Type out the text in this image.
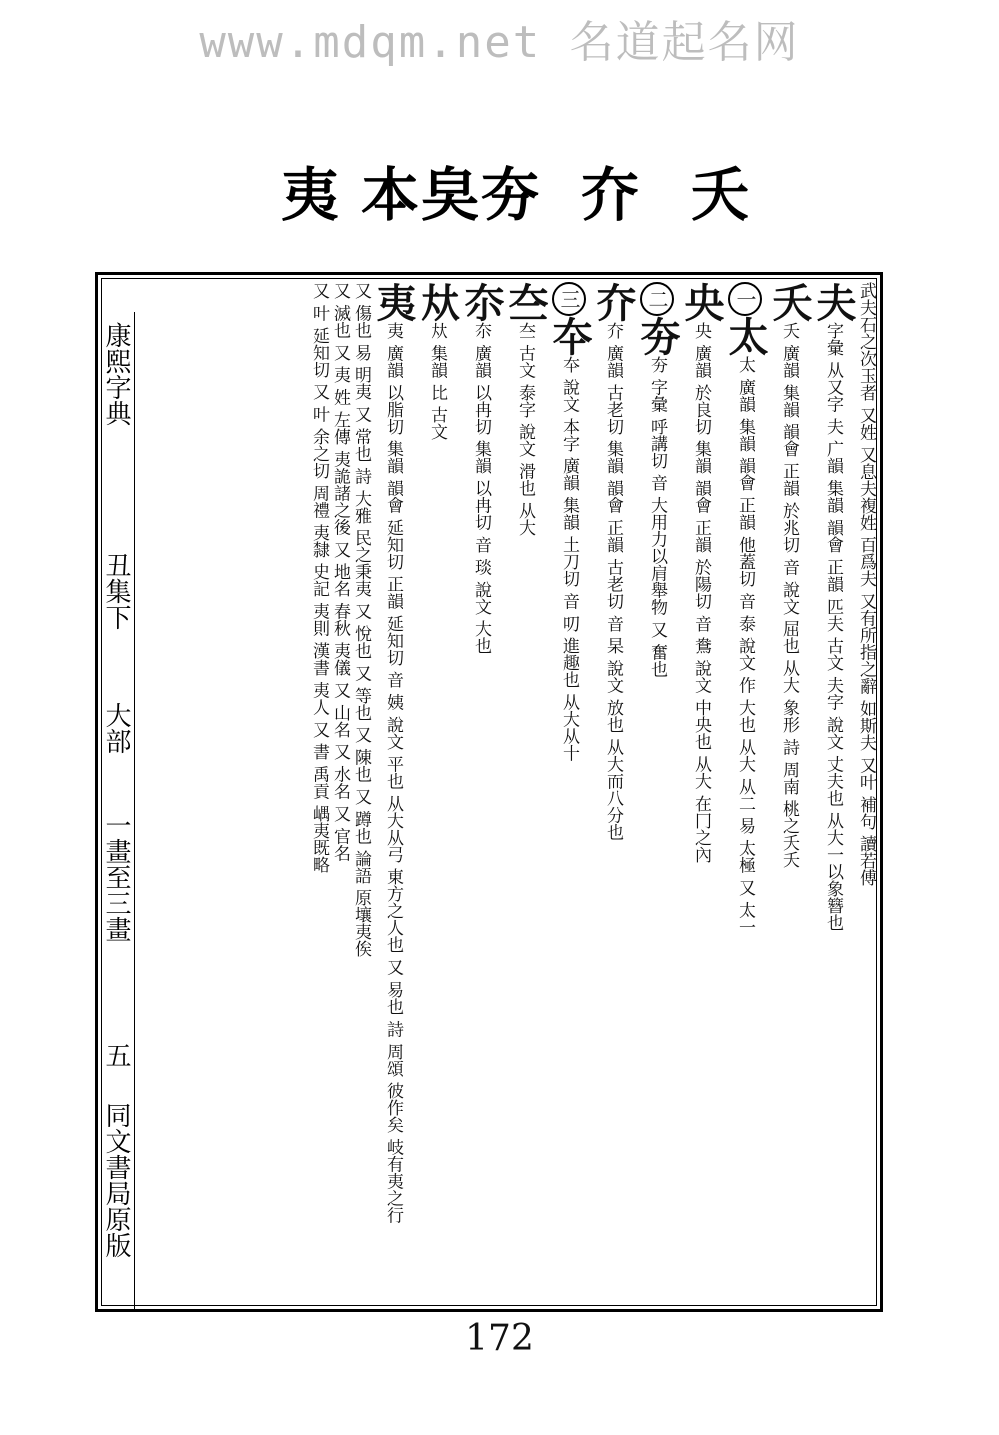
www.mdqm.net 名道起名网
夷 本 㚖 夯 夰 夭
康熙字典
丑集下
大部
一畫至三畫
五
同文書局原版

武夫石之次玉者 又姓 又息夫複姓 百爲夫 又有所指之辭 如斯夫 又叶 補句 讀若傅

夫字彙 从又字 夫 广韻 集韻 韻會 正韻 匹夫 古文 夫字 說文 丈夫也 从大一以象簪也

夭夭 廣韻 集韻 韻會 正韻 於兆切 音 說文 屈也 从大 象形 詩 周南 桃之夭夭

一太太 廣韻 集韻 韻會 正韻 他蓋切 音 泰 說文 作 大也 从大 从二 易 太極 又 太一

央央 廣韻 於良切 集韻 韻會 正韻 於陽切 音 鴦 說文 中央也 从大 在冂之內

二夯夯 字彙 呼講切 音 大用力以肩舉物 又 奮也

夰夰 廣韻 古老切 集韻 韻會 正韻 古老切 音 杲 說文 放也 从大而八分也

三夲夲 說文 本字 廣韻 集韻 土刀切 音 叨 進趣也 从大从十

夳夳 古文 泰字 說文 滑也 从大

夵夵 廣韻 以冉切 集韻 以冉切 音 琰 說文 大也

夶夶 集韻 比 古文

夷夷 廣韻 以脂切 集韻 韻會 延知切 正韻 延知切 音 姨 說文 平也 从大从弓 東方之人也 又 易也 詩 周頌 彼作矣 岐有夷之行

又 傷也 易 明夷 又 常也 詩 大雅 民之秉夷 又 悅也 又 等也 又 陳也 又 蹲也 論語 原壤夷俟

又 滅也 又 夷 姓 左傳 夷詭諸之後 又 地名 春秋 夷儀 又 山名 又 水名 又 官名

又 叶 延知切 又 叶 余之切 周禮 夷隸 史記 夷則 漢書 夷人 又 書 禹貢 嵎夷既略

172
